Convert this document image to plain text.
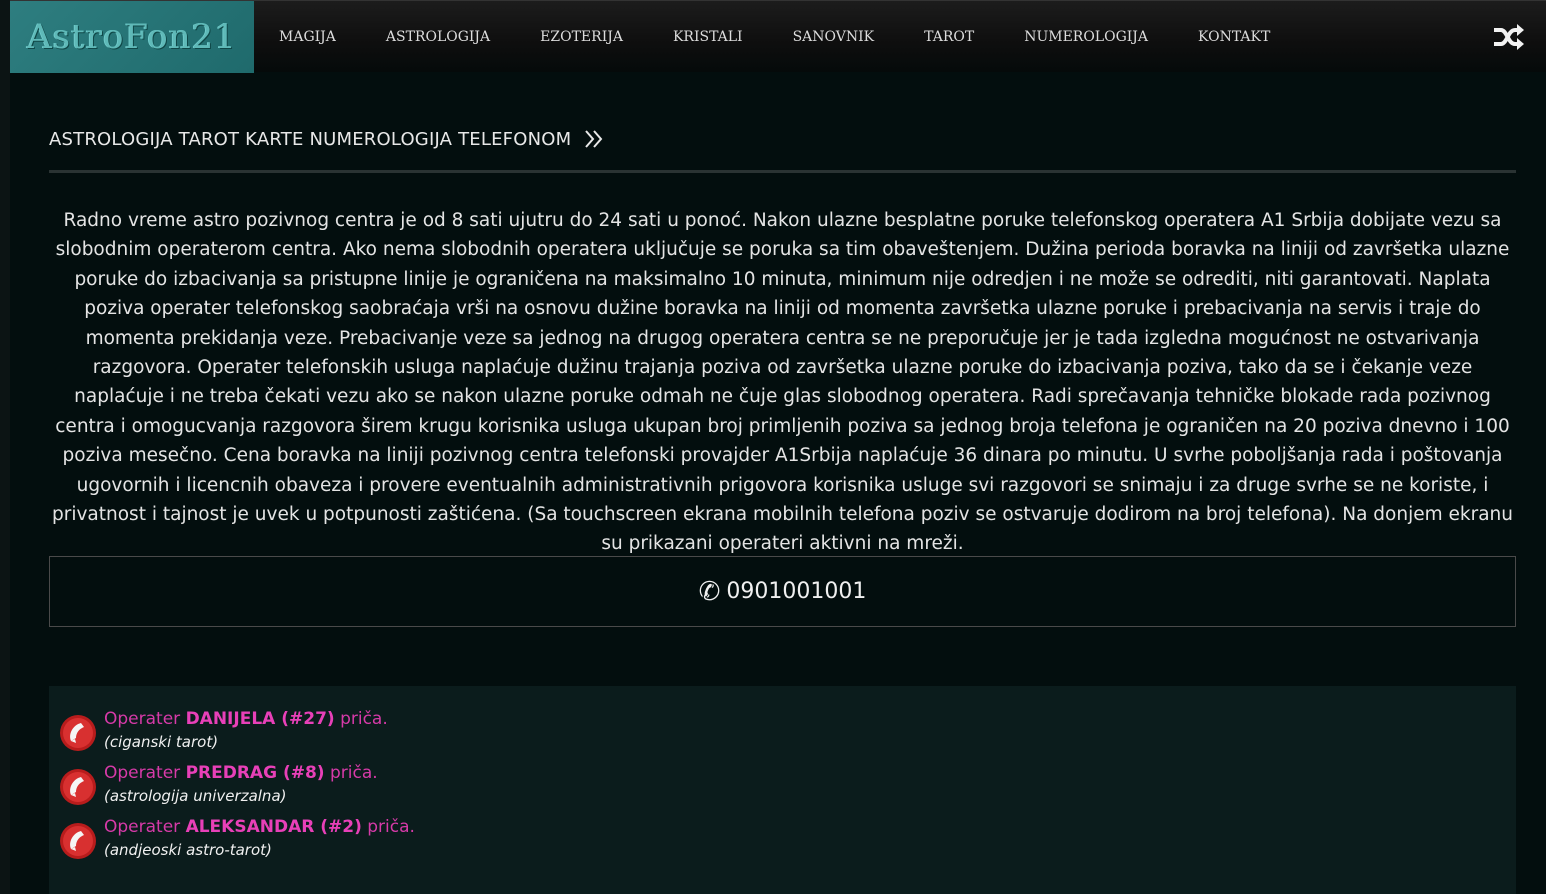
AstroFon21	MAGIJA	ASTROLOGIJA	EZOTERIJA	KRISTALI	SANOVNIK	TAROT	NUMEROLOGIJA	KONTAKT
ASTROLOGIJA TAROT KARTE NUMEROLOGIJA TELEFONOM

Radno vreme astro pozivnog centra je od 8 sati ujutru do 24 sati u ponoć. Nakon ulazne besplatne poruke telefonskog operatera A1 Srbija dobijate vezu sa slobodnim operaterom centra. Ako nema slobodnih operatera uključuje se poruka sa tim obaveštenjem. Dužina perioda boravka na liniji od završetka ulazne poruke do izbacivanja sa pristupne linije je ograničena na maksimalno 10 minuta, minimum nije odredjen i ne može se odrediti, niti garantovati. Naplata poziva operater telefonskog saobraćaja vrši na osnovu dužine boravka na liniji od momenta završetka ulazne poruke i prebacivanja na servis i traje do momenta prekidanja veze. Prebacivanje veze sa jednog na drugog operatera centra se ne preporučuje jer je tada izgledna mogućnost ne ostvarivanja razgovora. Operater telefonskih usluga naplaćuje dužinu trajanja poziva od završetka ulazne poruke do izbacivanja poziva, tako da se i čekanje veze naplaćuje i ne treba čekati vezu ako se nakon ulazne poruke odmah ne čuje glas slobodnog operatera. Radi sprečavanja tehničke blokade rada pozivnog centra i omogucvanja razgovora širem krugu korisnika usluga ukupan broj primljenih poziva sa jednog broja telefona je ograničen na 20 poziva dnevno i 100 poziva mesečno. Cena boravka na liniji pozivnog centra telefonski provajder A1Srbija naplaćuje 36 dinara po minutu. U svrhe poboljšanja rada i poštovanja ugovornih i licencnih obaveza i provere eventualnih administrativnih prigovora korisnika usluge svi razgovori se snimaju i za druge svrhe se ne koriste, i privatnost i tajnost je uvek u potpunosti zaštićena. (Sa touchscreen ekrana mobilnih telefona poziv se ostvaruje dodirom na broj telefona). Na donjem ekranu su prikazani operateri aktivni na mreži.

✆ 0901001001
Operater DANIJELA (#27) priča.
(ciganski tarot)
Operater PREDRAG (#8) priča.
(astrologija univerzalna)
Operater ALEKSANDAR (#2) priča.
(andjeoski astro-tarot)
